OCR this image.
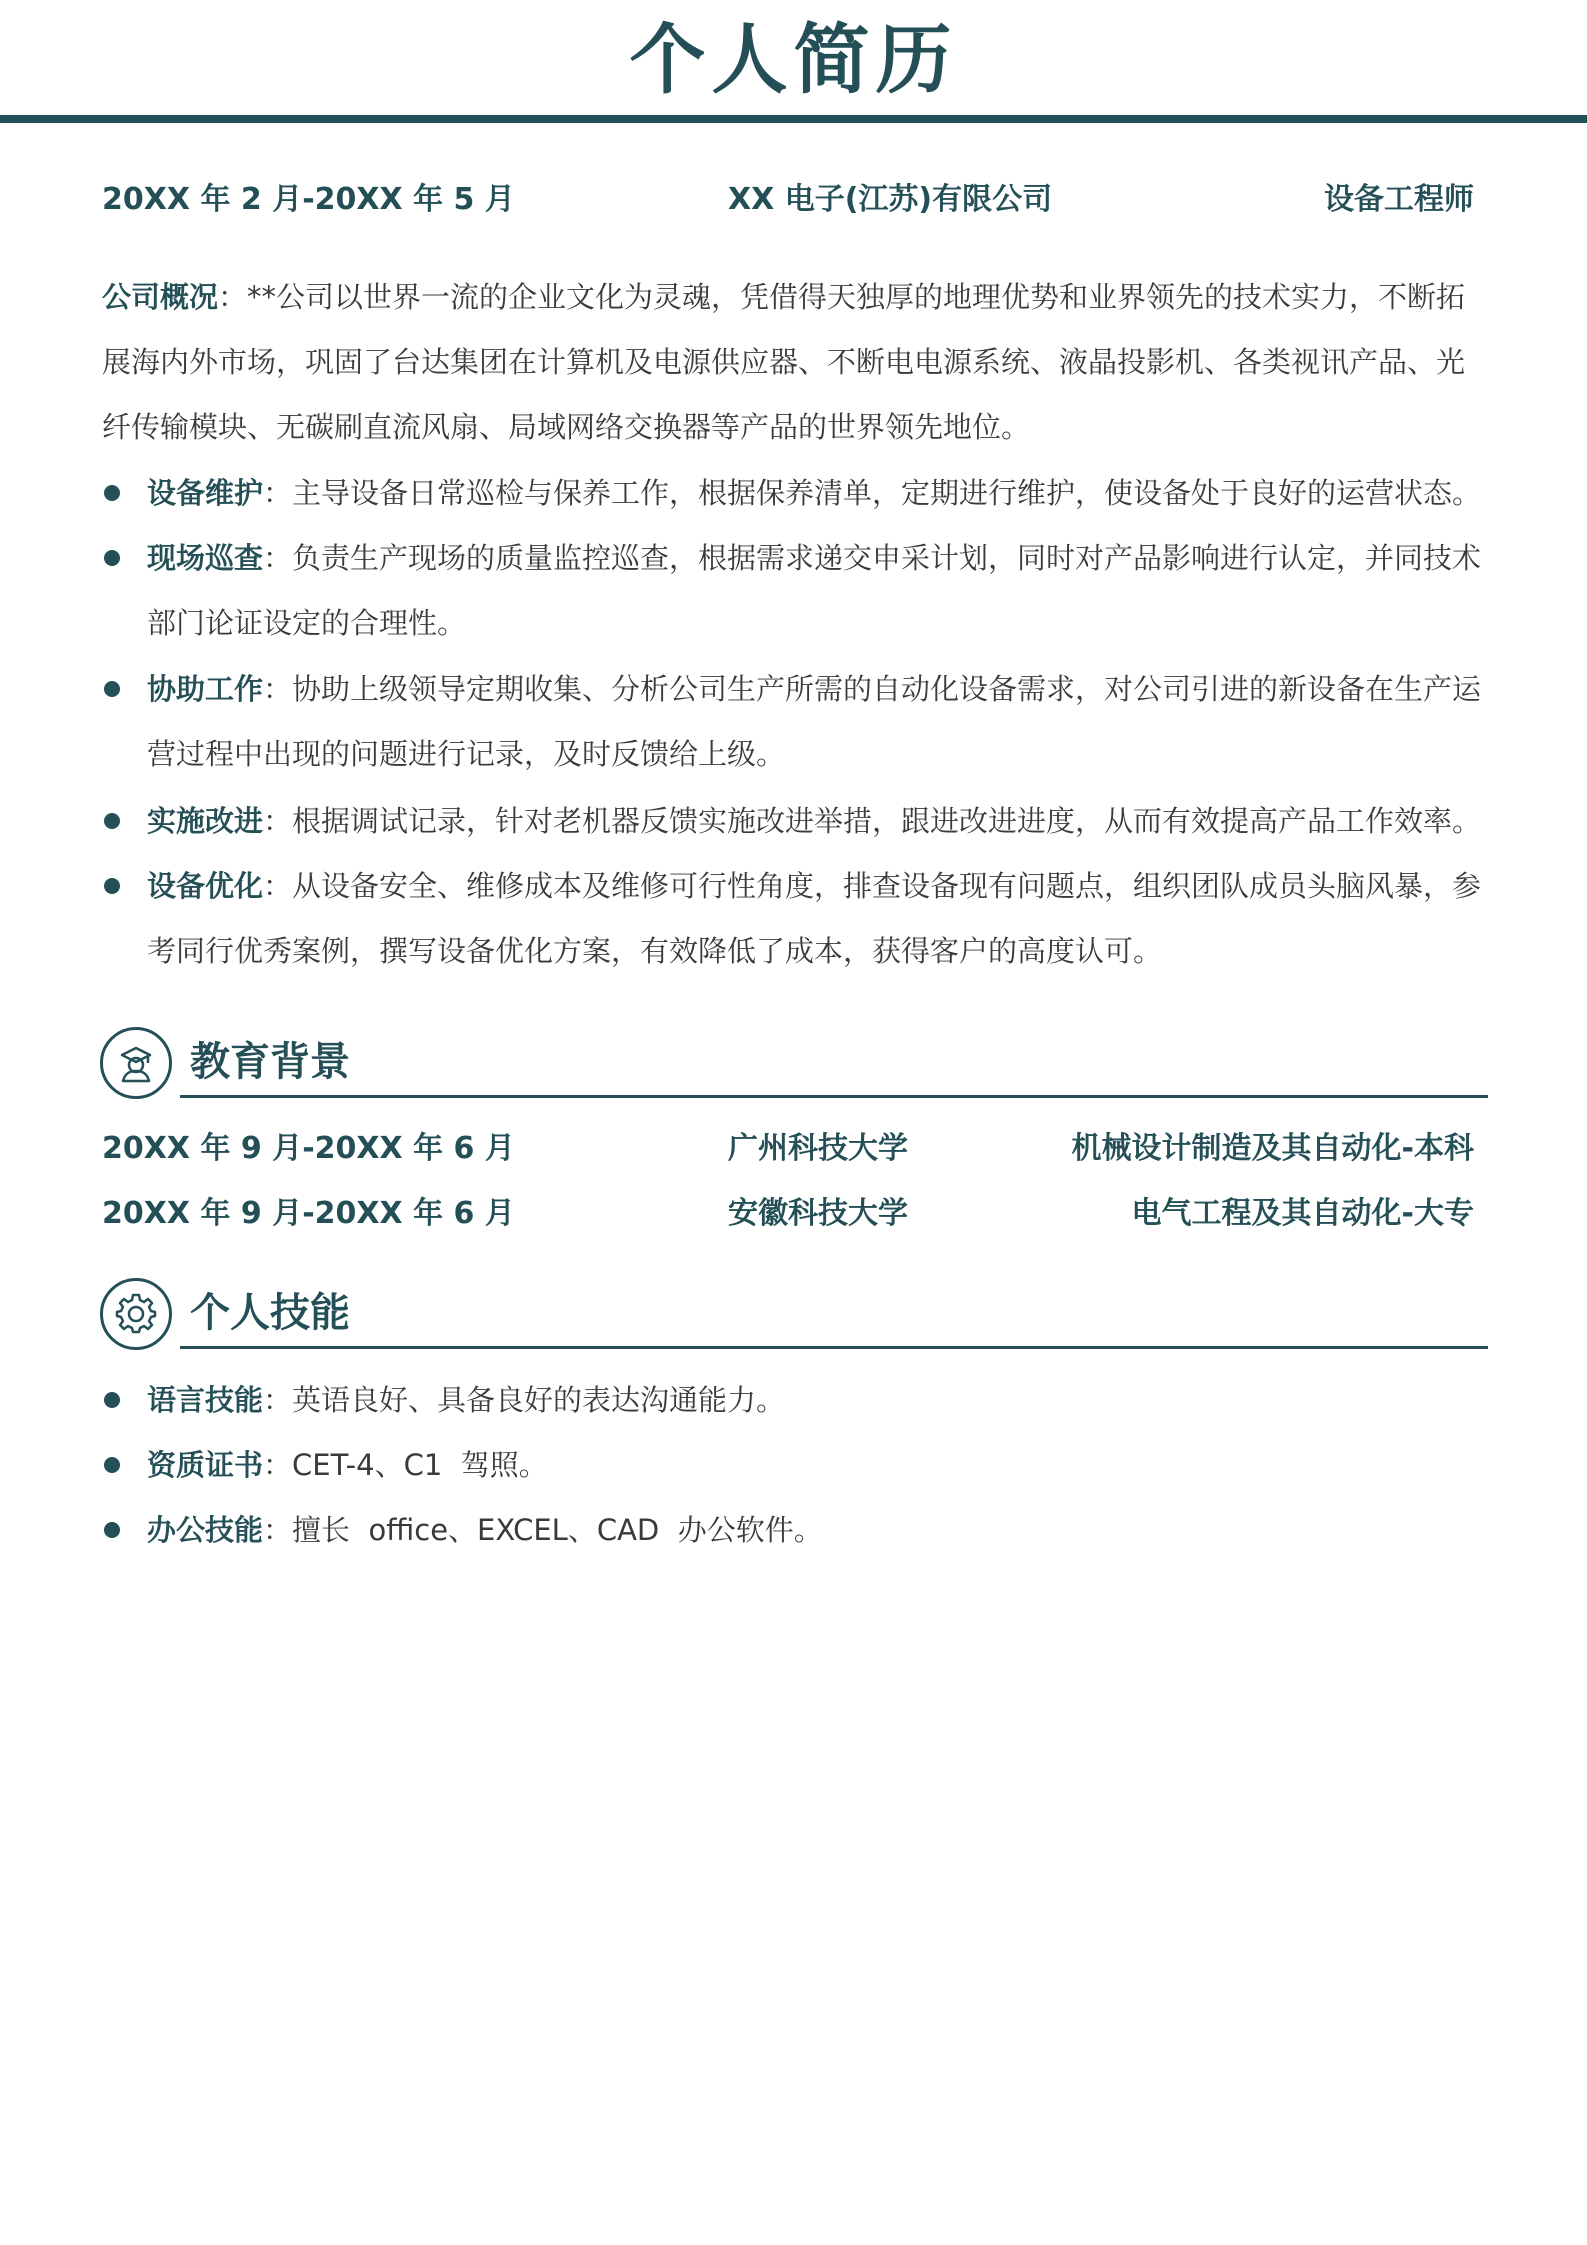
个人简历
20XX 年 2 月-20XX 年 5 月	XX 电子(江苏)有限公司	设备工程师
公司概况：**公司以世界一流的企业文化为灵魂，凭借得天独厚的地理优势和业界领先的技术实力，不断拓展海内外市场，巩固了台达集团在计算机及电源供应器、不断电电源系统、液晶投影机、各类视讯产品、光纤传输模块、无碳刷直流风扇、局域网络交换器等产品的世界领先地位。
设备维护：主导设备日常巡检与保养工作，根据保养清单，定期进行维护，使设备处于良好的运营状态。
现场巡查：负责生产现场的质量监控巡查，根据需求递交申采计划，同时对产品影响进行认定，并同技术部门论证设定的合理性。
协助工作：协助上级领导定期收集、分析公司生产所需的自动化设备需求，对公司引进的新设备在生产运营过程中出现的问题进行记录，及时反馈给上级。
实施改进：根据调试记录，针对老机器反馈实施改进举措，跟进改进进度，从而有效提高产品工作效率。
设备优化：从设备安全、维修成本及维修可行性角度，排查设备现有问题点，组织团队成员头脑风暴，参考同行优秀案例，撰写设备优化方案，有效降低了成本，获得客户的高度认可。
教育背景
20XX 年 9 月-20XX 年 6 月	广州科技大学	机械设计制造及其自动化-本科
20XX 年 9 月-20XX 年 6 月	安徽科技大学	电气工程及其自动化-大专
个人技能
语言技能：英语良好、具备良好的表达沟通能力。
资质证书：CET-4、C1  驾照。
办公技能：擅长  office、EXCEL、CAD  办公软件。
